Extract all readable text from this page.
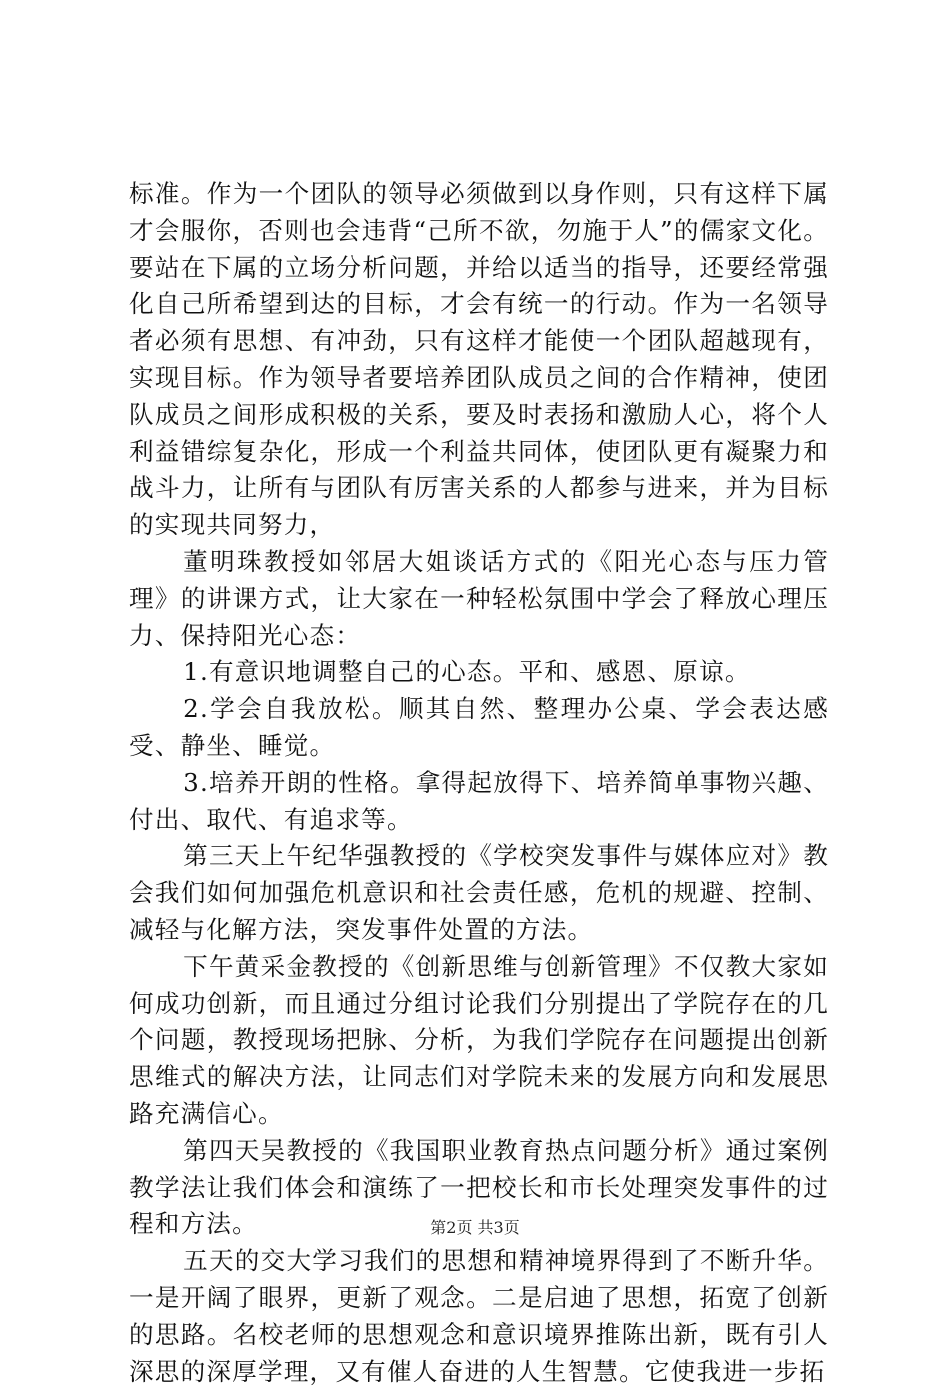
标准。作为一个团队的领导必须做到以身作则，只有这样下属才会服你，否则也会违背“己所不欲，勿施于人”的儒家文化。要站在下属的立场分析问题，并给以适当的指导，还要经常强化自己所希望到达的目标，才会有统一的行动。作为一名领导者必须有思想、有冲劲，只有这样才能使一个团队超越现有，实现目标。作为领导者要培养团队成员之间的合作精神，使团队成员之间形成积极的关系，要及时表扬和激励人心，将个人利益错综复杂化，形成一个利益共同体，使团队更有凝聚力和战斗力，让所有与团队有厉害关系的人都参与进来，并为目标的实现共同努力，

董明珠教授如邻居大姐谈话方式的《阳光心态与压力管理》的讲课方式，让大家在一种轻松氛围中学会了释放心理压力、保持阳光心态：

1.有意识地调整自己的心态。平和、感恩、原谅。

2.学会自我放松。顺其自然、整理办公桌、学会表达感受、静坐、睡觉。

3.培养开朗的性格。拿得起放得下、培养简单事物兴趣、付出、取代、有追求等。

第三天上午纪华强教授的《学校突发事件与媒体应对》教会我们如何加强危机意识和社会责任感，危机的规避、控制、减轻与化解方法，突发事件处置的方法。

下午黄采金教授的《创新思维与创新管理》不仅教大家如何成功创新，而且通过分组讨论我们分别提出了学院存在的几个问题，教授现场把脉、分析，为我们学院存在问题提出创新思维式的解决方法，让同志们对学院未来的发展方向和发展思路充满信心。

第四天吴教授的《我国职业教育热点问题分析》通过案例教学法让我们体会和演练了一把校长和市长处理突发事件的过程和方法。

五天的交大学习我们的思想和精神境界得到了不断升华。一是开阔了眼界，更新了观念。二是启迪了思想，拓宽了创新的思路。名校老师的思想观念和意识境界推陈出新，既有引人深思的深厚学理，又有催人奋进的人生智慧。它使我进一步拓

第2页 共3页
